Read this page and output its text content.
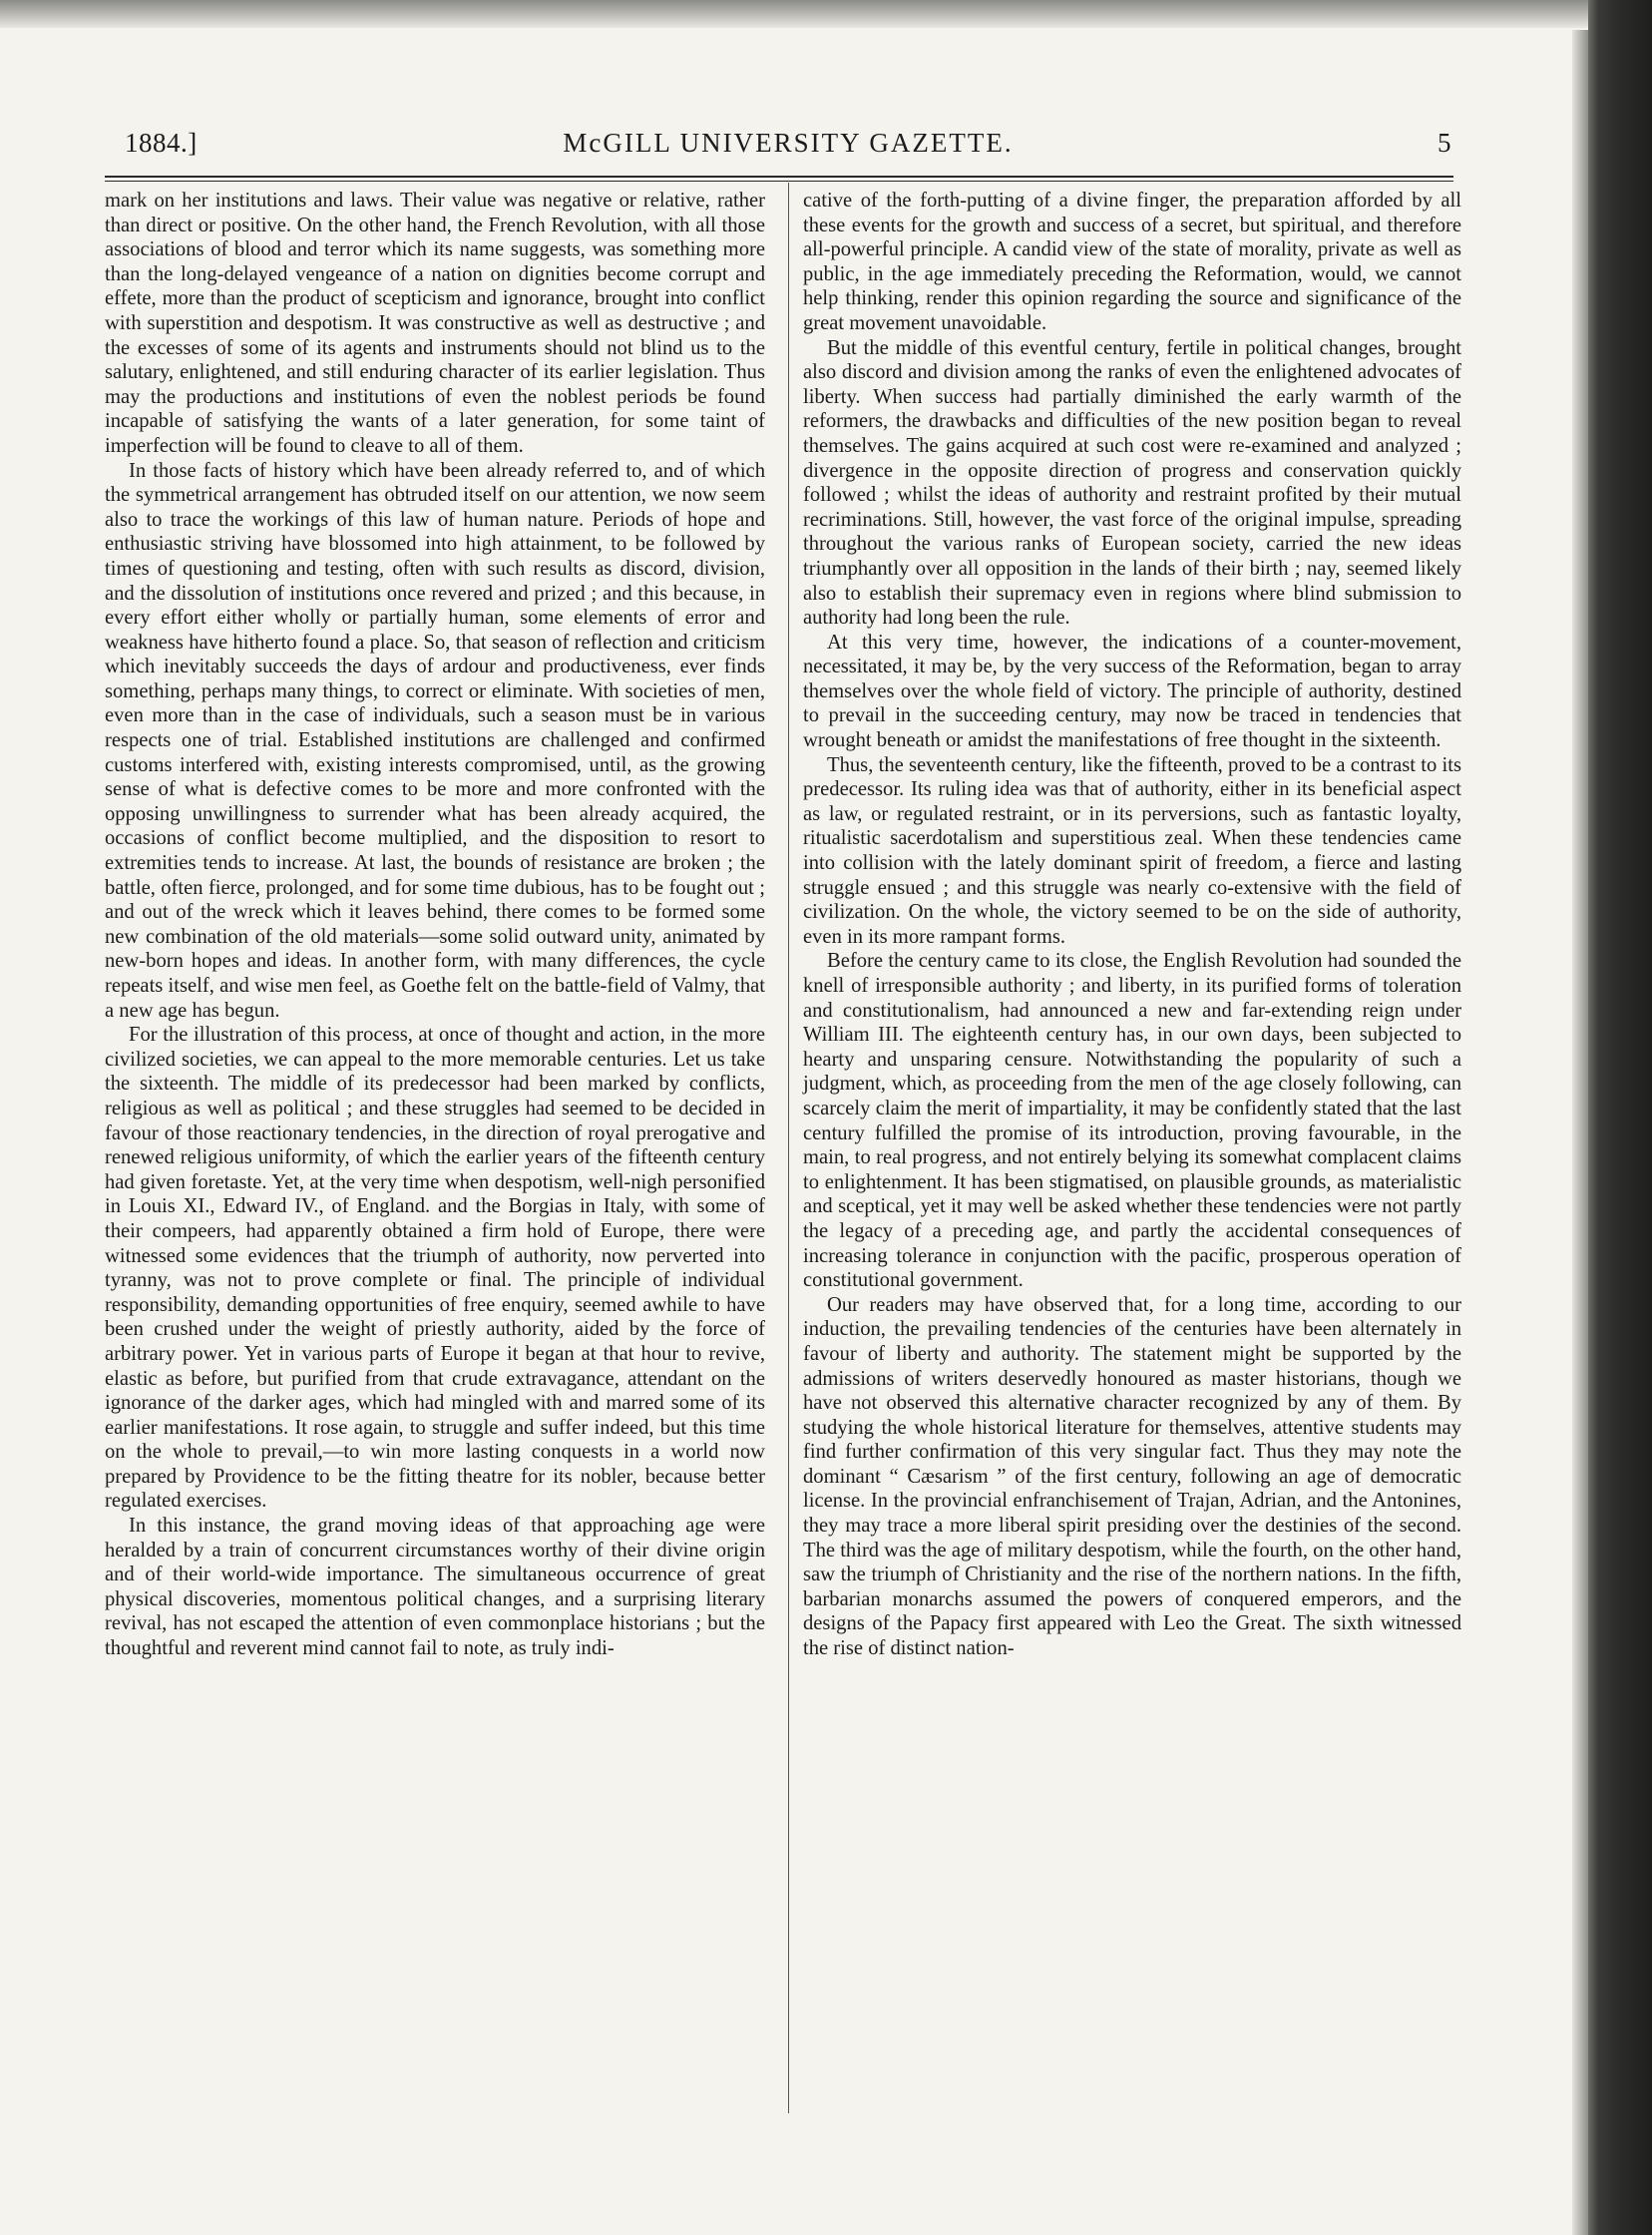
1884.]	McGILL UNIVERSITY GAZETTE.	5

mark on her institutions and laws. Their value was negative or relative, rather than direct or positive. On the other hand, the French Revolution, with all those associations of blood and terror which its name suggests, was something more than the long-delayed vengeance of a nation on dignities become corrupt and effete, more than the product of scepticism and ignorance, brought into conflict with superstition and despotism. It was constructive as well as destructive ; and the excesses of some of its agents and instruments should not blind us to the salutary, enlightened, and still enduring character of its earlier legislation. Thus may the productions and institutions of even the noblest periods be found incapable of satisfying the wants of a later generation, for some taint of imperfection will be found to cleave to all of them.

In those facts of history which have been already referred to, and of which the symmetrical arrangement has obtruded itself on our attention, we now seem also to trace the workings of this law of human nature. Periods of hope and enthusiastic striving have blossomed into high attainment, to be followed by times of questioning and testing, often with such results as discord, division, and the dissolution of institutions once revered and prized ; and this because, in every effort either wholly or partially human, some elements of error and weakness have hitherto found a place. So, that season of reflection and criticism which inevitably succeeds the days of ardour and productiveness, ever finds something, perhaps many things, to correct or eliminate. With societies of men, even more than in the case of individuals, such a season must be in various respects one of trial. Established institutions are challenged and confirmed customs interfered with, existing interests compromised, until, as the growing sense of what is defective comes to be more and more confronted with the opposing unwillingness to surrender what has been already acquired, the occasions of conflict become multiplied, and the disposition to resort to extremities tends to increase. At last, the bounds of resistance are broken ; the battle, often fierce, prolonged, and for some time dubious, has to be fought out ; and out of the wreck which it leaves behind, there comes to be formed some new combination of the old materials—some solid outward unity, animated by new-born hopes and ideas. In another form, with many differences, the cycle repeats itself, and wise men feel, as Goethe felt on the battle-field of Valmy, that a new age has begun.

For the illustration of this process, at once of thought and action, in the more civilized societies, we can appeal to the more memorable centuries. Let us take the sixteenth. The middle of its predecessor had been marked by conflicts, religious as well as political ; and these struggles had seemed to be decided in favour of those reactionary tendencies, in the direction of royal prerogative and renewed religious uniformity, of which the earlier years of the fifteenth century had given foretaste. Yet, at the very time when despotism, well-nigh personified in Louis XI., Edward IV., of England. and the Borgias in Italy, with some of their compeers, had apparently obtained a firm hold of Europe, there were witnessed some evidences that the triumph of authority, now perverted into tyranny, was not to prove complete or final. The principle of individual responsibility, demanding opportunities of free enquiry, seemed awhile to have been crushed under the weight of priestly authority, aided by the force of arbitrary power. Yet in various parts of Europe it began at that hour to revive, elastic as before, but purified from that crude extravagance, attendant on the ignorance of the darker ages, which had mingled with and marred some of its earlier manifestations. It rose again, to struggle and suffer indeed, but this time on the whole to prevail,—to win more lasting conquests in a world now prepared by Providence to be the fitting theatre for its nobler, because better regulated exercises.

In this instance, the grand moving ideas of that approaching age were heralded by a train of concurrent circumstances worthy of their divine origin and of their world-wide importance. The simultaneous occurrence of great physical discoveries, momentous political changes, and a surprising literary revival, has not escaped the attention of even commonplace historians ; but the thoughtful and reverent mind cannot fail to note, as truly indi-

cative of the forth-putting of a divine finger, the preparation afforded by all these events for the growth and success of a secret, but spiritual, and therefore all-powerful principle. A candid view of the state of morality, private as well as public, in the age immediately preceding the Reformation, would, we cannot help thinking, render this opinion regarding the source and significance of the great movement unavoidable.

But the middle of this eventful century, fertile in political changes, brought also discord and division among the ranks of even the enlightened advocates of liberty. When success had partially diminished the early warmth of the reformers, the drawbacks and difficulties of the new position began to reveal themselves. The gains acquired at such cost were re-examined and analyzed ; divergence in the opposite direction of progress and conservation quickly followed ; whilst the ideas of authority and restraint profited by their mutual recriminations. Still, however, the vast force of the original impulse, spreading throughout the various ranks of European society, carried the new ideas triumphantly over all opposition in the lands of their birth ; nay, seemed likely also to establish their supremacy even in regions where blind submission to authority had long been the rule.

At this very time, however, the indications of a counter-movement, necessitated, it may be, by the very success of the Reformation, began to array themselves over the whole field of victory. The principle of authority, destined to prevail in the succeeding century, may now be traced in tendencies that wrought beneath or amidst the manifestations of free thought in the sixteenth.

Thus, the seventeenth century, like the fifteenth, proved to be a contrast to its predecessor. Its ruling idea was that of authority, either in its beneficial aspect as law, or regulated restraint, or in its perversions, such as fantastic loyalty, ritualistic sacerdotalism and superstitious zeal. When these tendencies came into collision with the lately dominant spirit of freedom, a fierce and lasting struggle ensued ; and this struggle was nearly co-extensive with the field of civilization. On the whole, the victory seemed to be on the side of authority, even in its more rampant forms.

Before the century came to its close, the English Revolution had sounded the knell of irresponsible authority ; and liberty, in its purified forms of toleration and constitutionalism, had announced a new and far-extending reign under William III. The eighteenth century has, in our own days, been subjected to hearty and unsparing censure. Notwithstanding the popularity of such a judgment, which, as proceeding from the men of the age closely following, can scarcely claim the merit of impartiality, it may be confidently stated that the last century fulfilled the promise of its introduction, proving favourable, in the main, to real progress, and not entirely belying its somewhat complacent claims to enlightenment. It has been stigmatised, on plausible grounds, as materialistic and sceptical, yet it may well be asked whether these tendencies were not partly the legacy of a preceding age, and partly the accidental consequences of increasing tolerance in conjunction with the pacific, prosperous operation of constitutional government.

Our readers may have observed that, for a long time, according to our induction, the prevailing tendencies of the centuries have been alternately in favour of liberty and authority. The statement might be supported by the admissions of writers deservedly honoured as master historians, though we have not observed this alternative character recognized by any of them. By studying the whole historical literature for themselves, attentive students may find further confirmation of this very singular fact. Thus they may note the dominant “ Cæsarism ” of the first century, following an age of democratic license. In the provincial enfranchisement of Trajan, Adrian, and the Antonines, they may trace a more liberal spirit presiding over the destinies of the second. The third was the age of military despotism, while the fourth, on the other hand, saw the triumph of Christianity and the rise of the northern nations. In the fifth, barbarian monarchs assumed the powers of conquered emperors, and the designs of the Papacy first appeared with Leo the Great. The sixth witnessed the rise of distinct nation-
